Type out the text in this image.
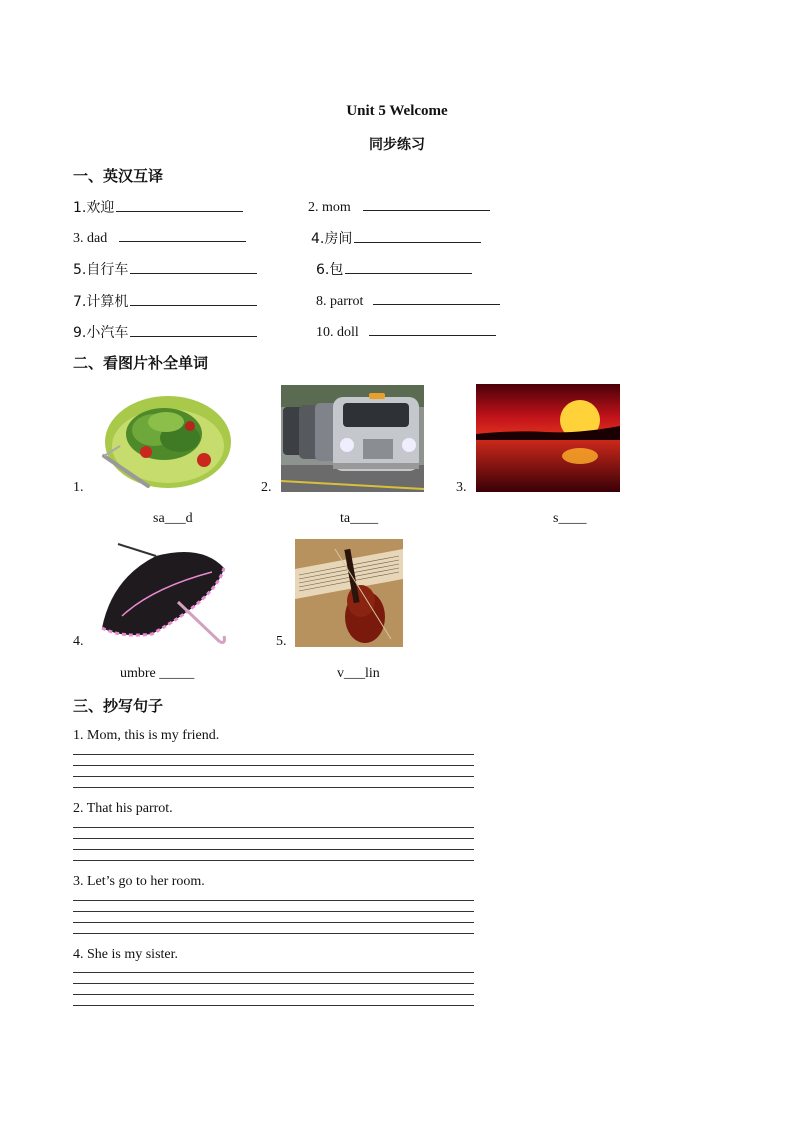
Unit 5 Welcome
同步练习
一、英汉互译
1.欢迎	2. mom
3. dad	4.房间
5.自行车	6.包
7.计算机	8. parrot
9.小汽车	10. doll
二、看图片补全单词
1.
sa___d
2.
ta____
3.
s____
4.
umbre _____
5.
v___lin
三、抄写句子
1. Mom, this is my friend.
2. That his parrot.
3. Let’s go to her room.
4. She is my sister.
